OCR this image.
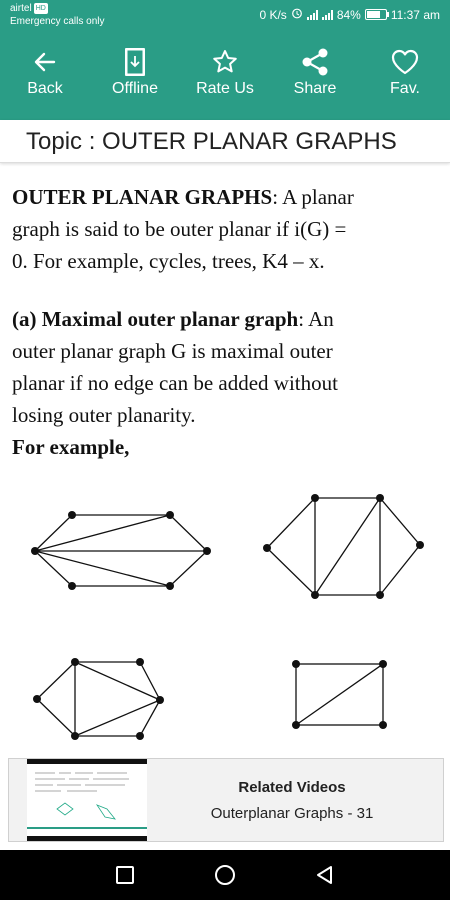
airtel HD
Emergency calls only	0 K/s	84%	11:37 am
Back	Offline Rate Us Share	Fav.
Topic : OUTER PLANAR GRAPHS
OUTER PLANAR GRAPHS: A planar
graph is said to be outer planar if i(G) =
0. For example, cycles, trees, K4 – x.
(a) Maximal outer planar graph: An
outer planar graph G is maximal outer
planar if no edge can be added without
losing outer planarity.
For example,
Related Videos
Outerplanar Graphs - 31
